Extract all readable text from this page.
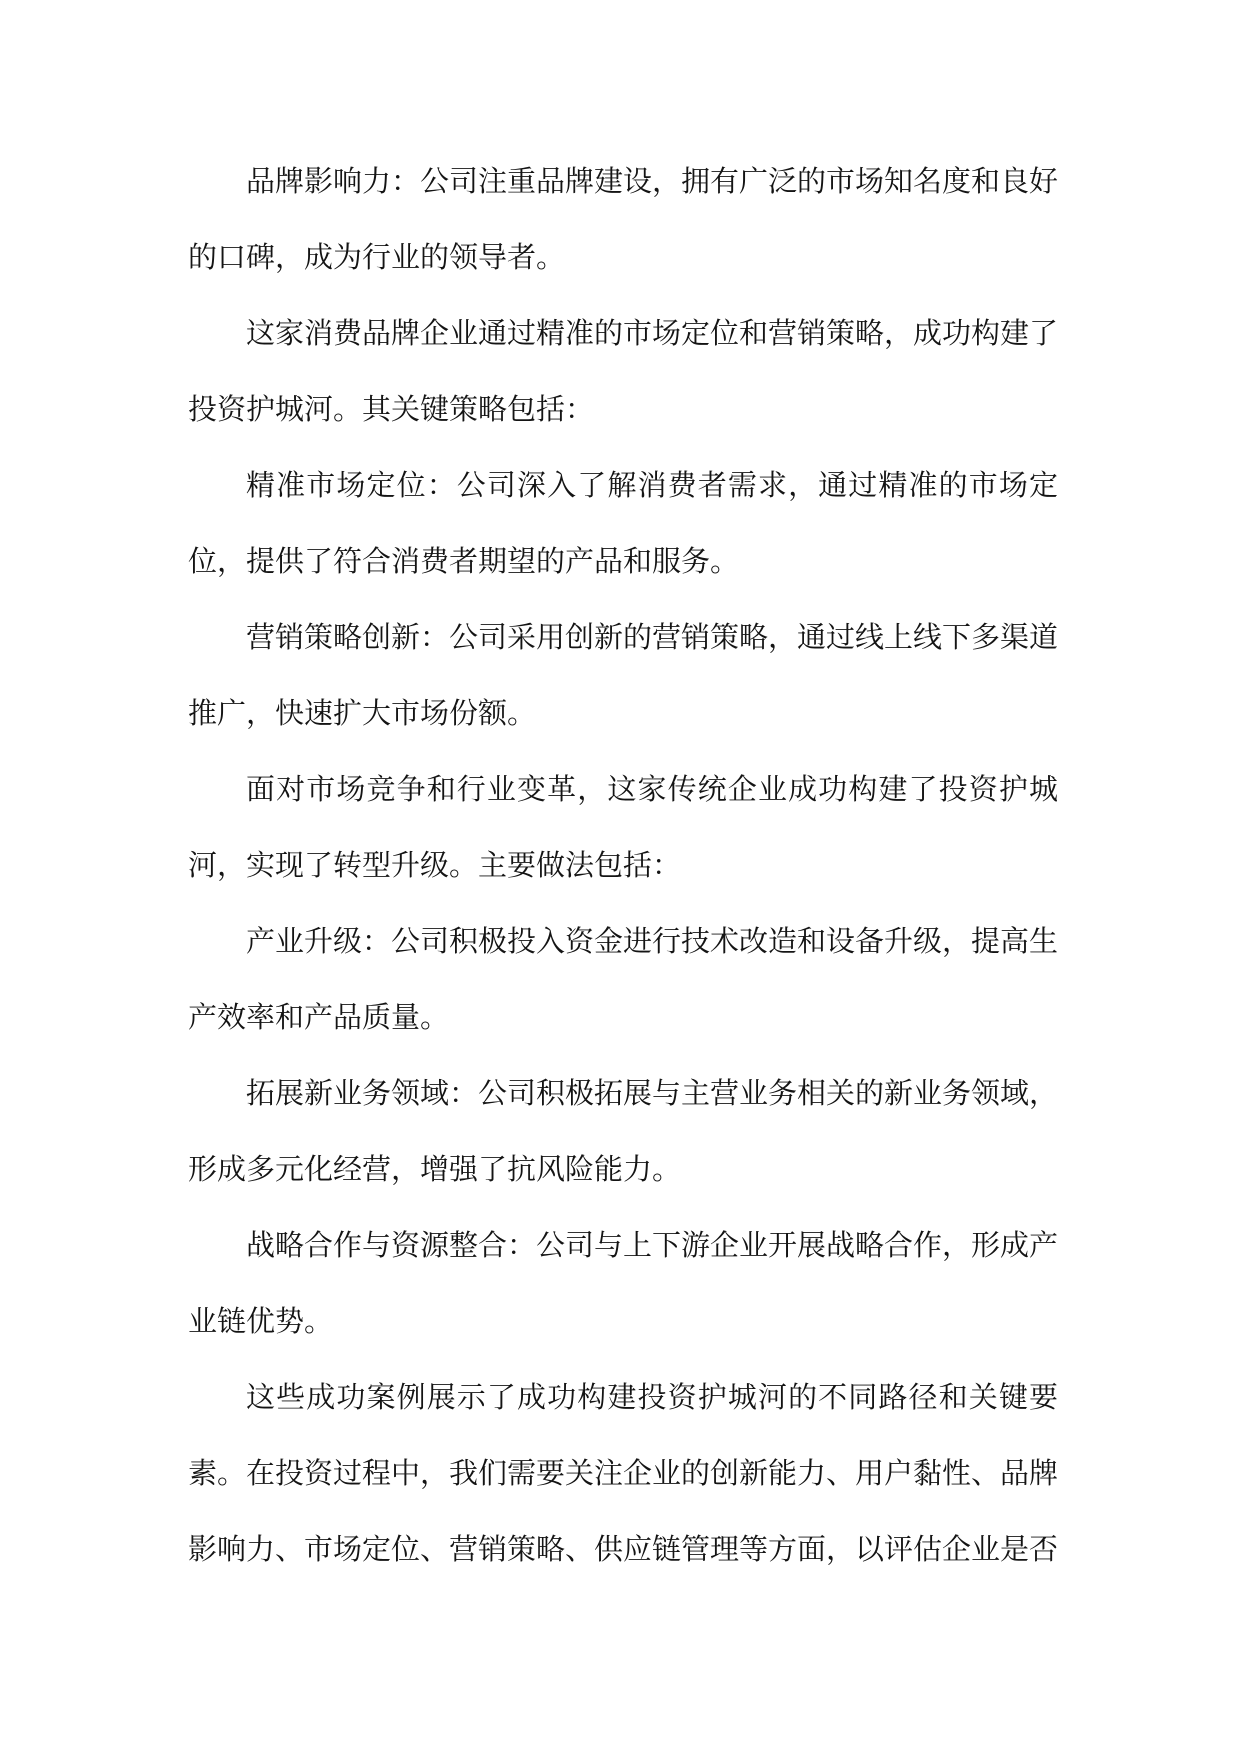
品牌影响力：公司注重品牌建设，拥有广泛的市场知名度和良好的口碑，成为行业的领导者。

这家消费品牌企业通过精准的市场定位和营销策略，成功构建了投资护城河。其关键策略包括：

精准市场定位：公司深入了解消费者需求，通过精准的市场定位，提供了符合消费者期望的产品和服务。

营销策略创新：公司采用创新的营销策略，通过线上线下多渠道推广，快速扩大市场份额。

面对市场竞争和行业变革，这家传统企业成功构建了投资护城河，实现了转型升级。主要做法包括：

产业升级：公司积极投入资金进行技术改造和设备升级，提高生产效率和产品质量。

拓展新业务领域：公司积极拓展与主营业务相关的新业务领域，形成多元化经营，增强了抗风险能力。

战略合作与资源整合：公司与上下游企业开展战略合作，形成产业链优势。

这些成功案例展示了成功构建投资护城河的不同路径和关键要素。在投资过程中，我们需要关注企业的创新能力、用户黏性、品牌影响力、市场定位、营销策略、供应链管理等方面，以评估企业是否
